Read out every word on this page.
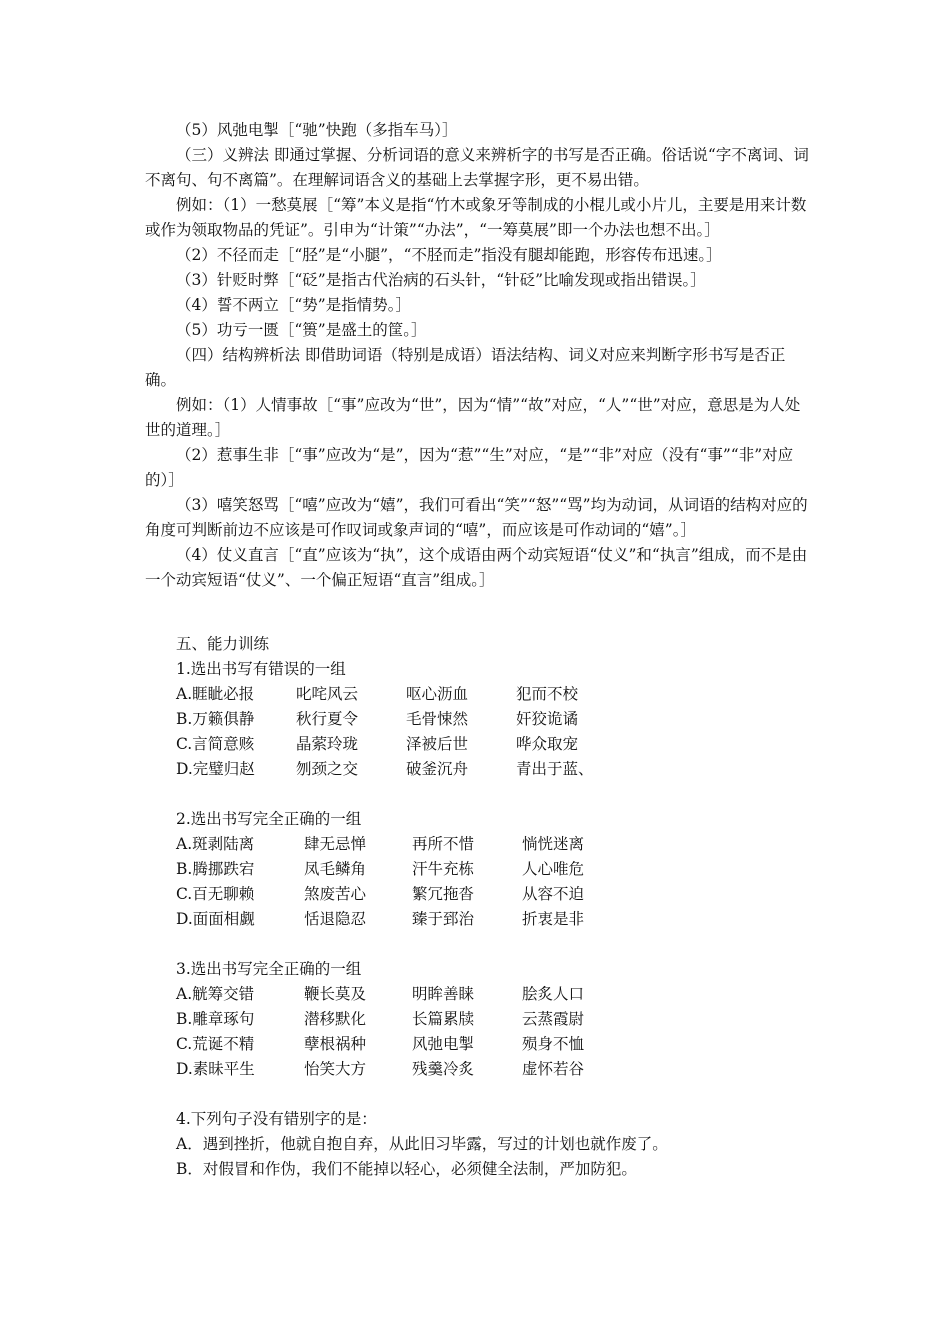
（5）风弛电掣［“驰”快跑（多指车马）］
（三）义辨法 即通过掌握、分析词语的意义来辨析字的书写是否正确。俗话说“字不离词、词不离句、句不离篇”。在理解词语含义的基础上去掌握字形，更不易出错。
例如：（1）一愁莫展［“筹”本义是指“竹木或象牙等制成的小棍儿或小片儿，主要是用来计数或作为领取物品的凭证”。引申为“计策”“办法”，“一筹莫展”即一个办法也想不出。］
（2）不径而走［“胫”是“小腿”，“不胫而走”指没有腿却能跑，形容传布迅速。］
（3）针贬时弊［“砭”是指古代治病的石头针，“针砭”比喻发现或指出错误。］
（4）誓不两立［“势”是指情势。］
（5）功亏一匮［“篑”是盛土的筐。］
（四）结构辨析法 即借助词语（特别是成语）语法结构、词义对应来判断字形书写是否正确。
例如：（1）人情事故［“事”应改为“世”，因为“情”“故”对应，“人”“世”对应，意思是为人处世的道理。］
（2）惹事生非［“事”应改为“是”，因为“惹”“生”对应，“是”“非”对应（没有“事”“非”对应的）］
（3）嘻笑怒骂［“嘻”应改为“嬉”，我们可看出“笑”“怒”“骂”均为动词，从词语的结构对应的角度可判断前边不应该是可作叹词或象声词的“嘻”，而应该是可作动词的“嬉”。］
（4）仗义直言［“直”应该为“执”，这个成语由两个动宾短语“仗义”和“执言”组成，而不是由一个动宾短语“仗义”、一个偏正短语“直言”组成。］
五、能力训练
1.选出书写有错误的一组
A.睚眦必报	叱咤风云	呕心沥血	犯而不校
B.万籁俱静	秋行夏令	毛骨悚然	奸狡诡谲
C.言简意赅	晶萦玲珑	泽被后世	哗众取宠
D.完璧归赵	刎颈之交	破釜沉舟	青出于蓝、
2.选出书写完全正确的一组
A.斑剥陆离	肆无忌惮	再所不惜	惝恍迷离
B.腾挪跌宕	凤毛鳞角	汗牛充栋	人心唯危
C.百无聊赖	煞废苦心	繁冗拖沓	从容不迫
D.面面相觑	恬退隐忍	臻于郅治	折衷是非
3.选出书写完全正确的一组
A.觥筹交错	鞭长莫及	明眸善睐	脍炙人口
B.雕章琢句	潜移默化	长篇累牍	云蒸霞尉
C.荒诞不精	孽根祸种	风弛电掣	殒身不恤
D.素昧平生	怡笑大方	残羹冷炙	虚怀若谷
4.下列句子没有错别字的是：
A．遇到挫折，他就自抱自弃，从此旧习毕露，写过的计划也就作废了。
B．对假冒和作伪，我们不能掉以轻心，必须健全法制，严加防犯。
